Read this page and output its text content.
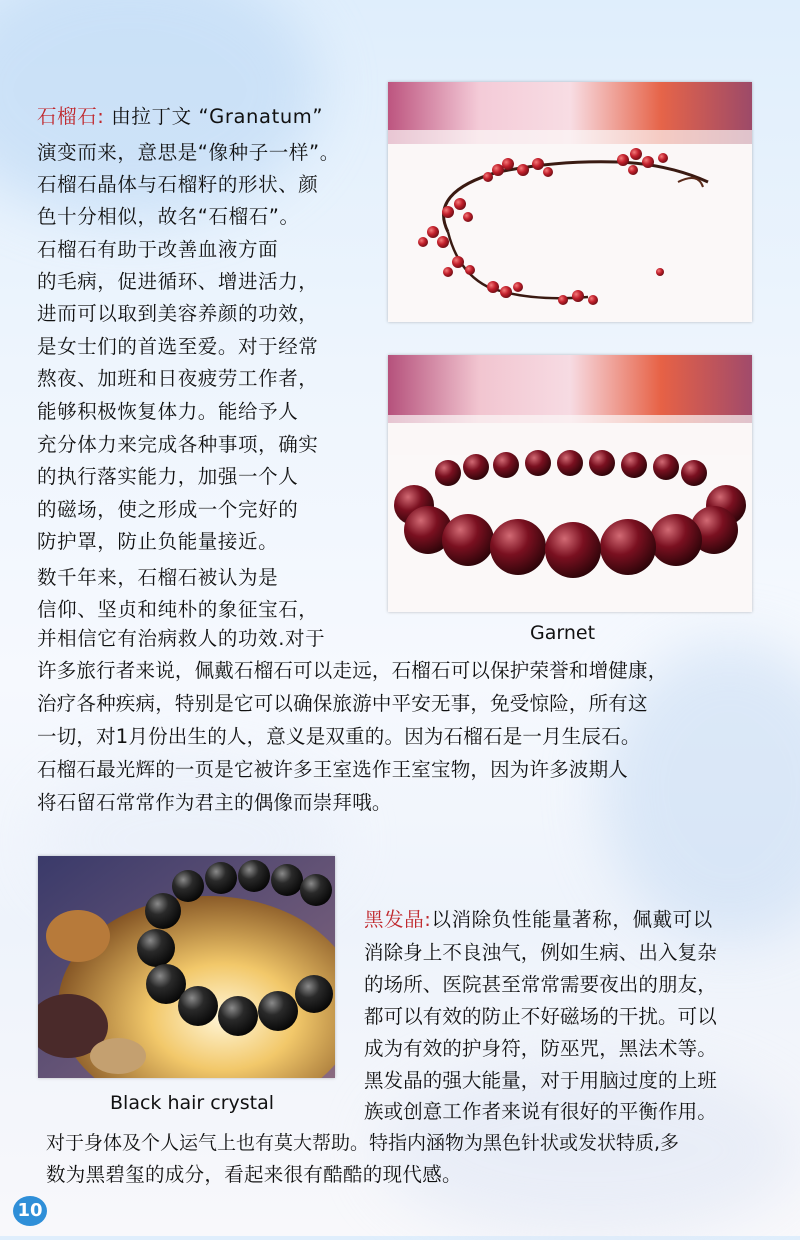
石榴石: 由拉丁文 “Granatum”
演变而来，意思是“像种子一样”。
石榴石晶体与石榴籽的形状、颜
色十分相似，故名“石榴石”。
石榴石有助于改善血液方面
的毛病，促进循环、增进活力，
进而可以取到美容养颜的功效，
是女士们的首选至爱。对于经常
熬夜、加班和日夜疲劳工作者，
能够积极恢复体力。能给予人
充分体力来完成各种事项，确实
的执行落实能力，加强一个人
的磁场，使之形成一个完好的
防护罩，防止负能量接近。
数千年来，石榴石被认为是
信仰、坚贞和纯朴的象征宝石，
并相信它有治病救人的功效.对于
许多旅行者来说，佩戴石榴石可以走远，石榴石可以保护荣誉和增健康，
治疗各种疾病，特别是它可以确保旅游中平安无事，免受惊险，所有这
一切，对1月份出生的人，意义是双重的。因为石榴石是一月生辰石。
石榴石最光辉的一页是它被许多王室选作王室宝物，因为许多波期人
将石留石常常作为君主的偶像而崇拜哦。
Garnet
Black hair crystal
黑发晶:以消除负性能量著称，佩戴可以
消除身上不良浊气，例如生病、出入复杂
的场所、医院甚至常常需要夜出的朋友，
都可以有效的防止不好磁场的干扰。可以
成为有效的护身符，防巫咒，黑法术等。
黑发晶的强大能量，对于用脑过度的上班
族或创意工作者来说有很好的平衡作用。
对于身体及个人运气上也有莫大帮助。特指内涵物为黑色针状或发状特质,多
数为黑碧玺的成分，看起来很有酷酷的现代感。
10
